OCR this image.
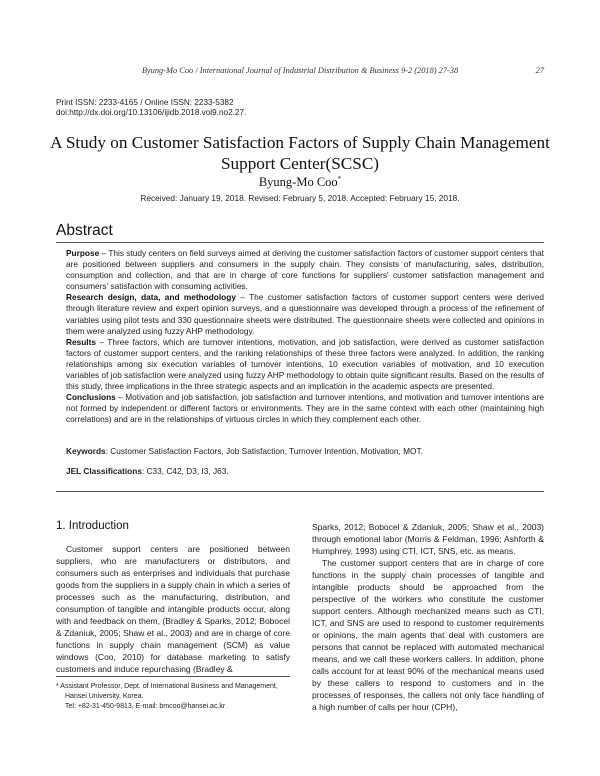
Byung-Mo Coo / International Journal of Industrial Distribution & Business 9-2 (2018) 27-38	27
Print ISSN: 2233-4165 / Online ISSN: 2233-5382
doi:http://dx.doi.org/10.13106/ijidb.2018.vol9.no2.27.
A Study on Customer Satisfaction Factors of Supply Chain Management
Support Center(SCSC)
Byung-Mo Coo*
Received: January 19, 2018. Revised: February 5, 2018. Accepted: February 15, 2018.
Abstract

Purpose – This study centers on field surveys aimed at deriving the customer satisfaction factors of customer support centers that are positioned between suppliers and consumers in the supply chain. They consists of manufacturing, sales, distribution, consumption and collection, and that are in charge of core functions for suppliers' customer satisfaction management and consumers' satisfaction with consuming activities.

Research design, data, and methodology – The customer satisfaction factors of customer support centers were derived through literature review and expert opinion surveys, and a questionnaire was developed through a process of the refinement of variables using pilot tests and 330 questionnaire sheets were distributed. The questionnaire sheets were collected and opinions in them were analyzed using fuzzy AHP methodology.

Results – Three factors, which are turnover intentions, motivation, and job satisfaction, were derived as customer satisfaction factors of customer support centers, and the ranking relationships of these three factors were analyzed. In addition, the ranking relationships among six execution variables of turnover intentions, 10 execution variables of motivation, and 10 execution variables of job satisfaction were analyzed using fuzzy AHP methodology to obtain quite significant results. Based on the results of this study, three implications in the three strategic aspects and an implication in the academic aspects are presented.

Conclusions – Motivation and job satisfaction, job satisfaction and turnover intentions, and motivation and turnover intentions are not formed by independent or different factors or environments. They are in the same context with each other (maintaining high correlations) and are in the relationships of virtuous circles in which they complement each other.

Keywords: Customer Satisfaction Factors, Job Satisfaction, Turnover Intention, Motivation, MOT.
JEL Classifications: C33, C42, D3, I3, J63.
1. Introduction

Customer support centers are positioned between suppliers, who are manufacturers or distributors, and consumers such as enterprises and individuals that purchase goods from the suppliers in a supply chain in which a series of processes such as the manufacturing, distribution, and consumption of tangible and intangible products occur, along with and feedback on them, (Bradley & Sparks, 2012; Bobocel & Zdaniuk, 2005; Shaw et al., 2003) and are in charge of core functions in supply chain management (SCM) as value windows (Coo, 2010) for database marketing to satisfy customers and induce repurchasing (Bradley &

Sparks, 2012; Bobocel & Zdaniuk, 2005; Shaw et al., 2003) through emotional labor (Morris & Feldman, 1996; Ashforth & Humphrey, 1993) using CTI, ICT, SNS, etc. as means.

The customer support centers that are in charge of core functions in the supply chain processes of tangible and intangible products should be approached from the perspective of the workers who constitute the customer support centers. Although mechanized means such as CTI, ICT, and SNS are used to respond to customer requirements or opinions, the main agents that deal with customers are persons that cannot be replaced with automated mechanical means, and we call these workers callers. In addition, phone calls account for at least 90% of the mechanical means used by these callers to respond to customers and in the processes of responses, the callers not only face handling of a high number of calls per hour (CPH),

* Assistant Professor, Dept. of International Business and Management,
Hansei University, Korea.
Tel: +82-31-450-9813, E-mail: bmcoo@hansei.ac.kr
